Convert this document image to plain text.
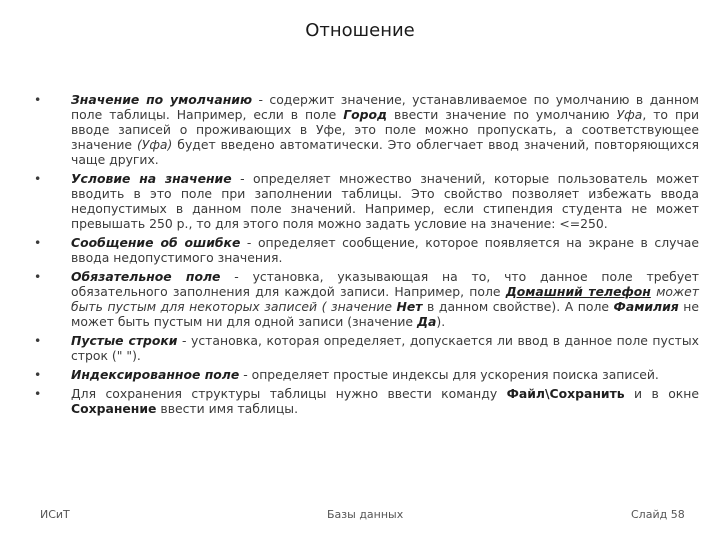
Отношение
• Значение по умолчанию - содержит значение, устанавливаемое по умолчанию в данном поле таблицы. Например, если в поле Город ввести значение по умолчанию Уфа, то при вводе записей о проживающих в Уфе, это поле можно пропускать, а соответствующее значение (Уфа) будет введено автоматически. Это облегчает ввод значений, повторяющихся чаще других.
• Условие на значение - определяет множество значений, которые пользователь может вводить в это поле при заполнении таблицы. Это свойство позволяет избежать ввода недопустимых в данном поле значений. Например, если стипендия студента не может превышать 250 р., то для этого поля можно задать условие на значение: <=250.
• Сообщение об ошибке - определяет сообщение, которое появляется на экране в случае ввода недопустимого значения.
• Обязательное поле - установка, указывающая на то, что данное поле требует обязательного заполнения для каждой записи. Например, поле Домашний телефон может быть пустым для некоторых записей ( значение Нет в данном свойстве). А поле Фамилия не может быть пустым ни для одной записи (значение Да).
• Пустые строки - установка, которая определяет, допускается ли ввод в данное поле пустых строк (" ").
• Индексированное поле - определяет простые индексы для ускорения поиска записей.
• Для сохранения структуры таблицы нужно ввести команду Файл\Сохранить и в окне Сохранение ввести имя таблицы.
ИСиТ	Базы данных	Слайд 58
